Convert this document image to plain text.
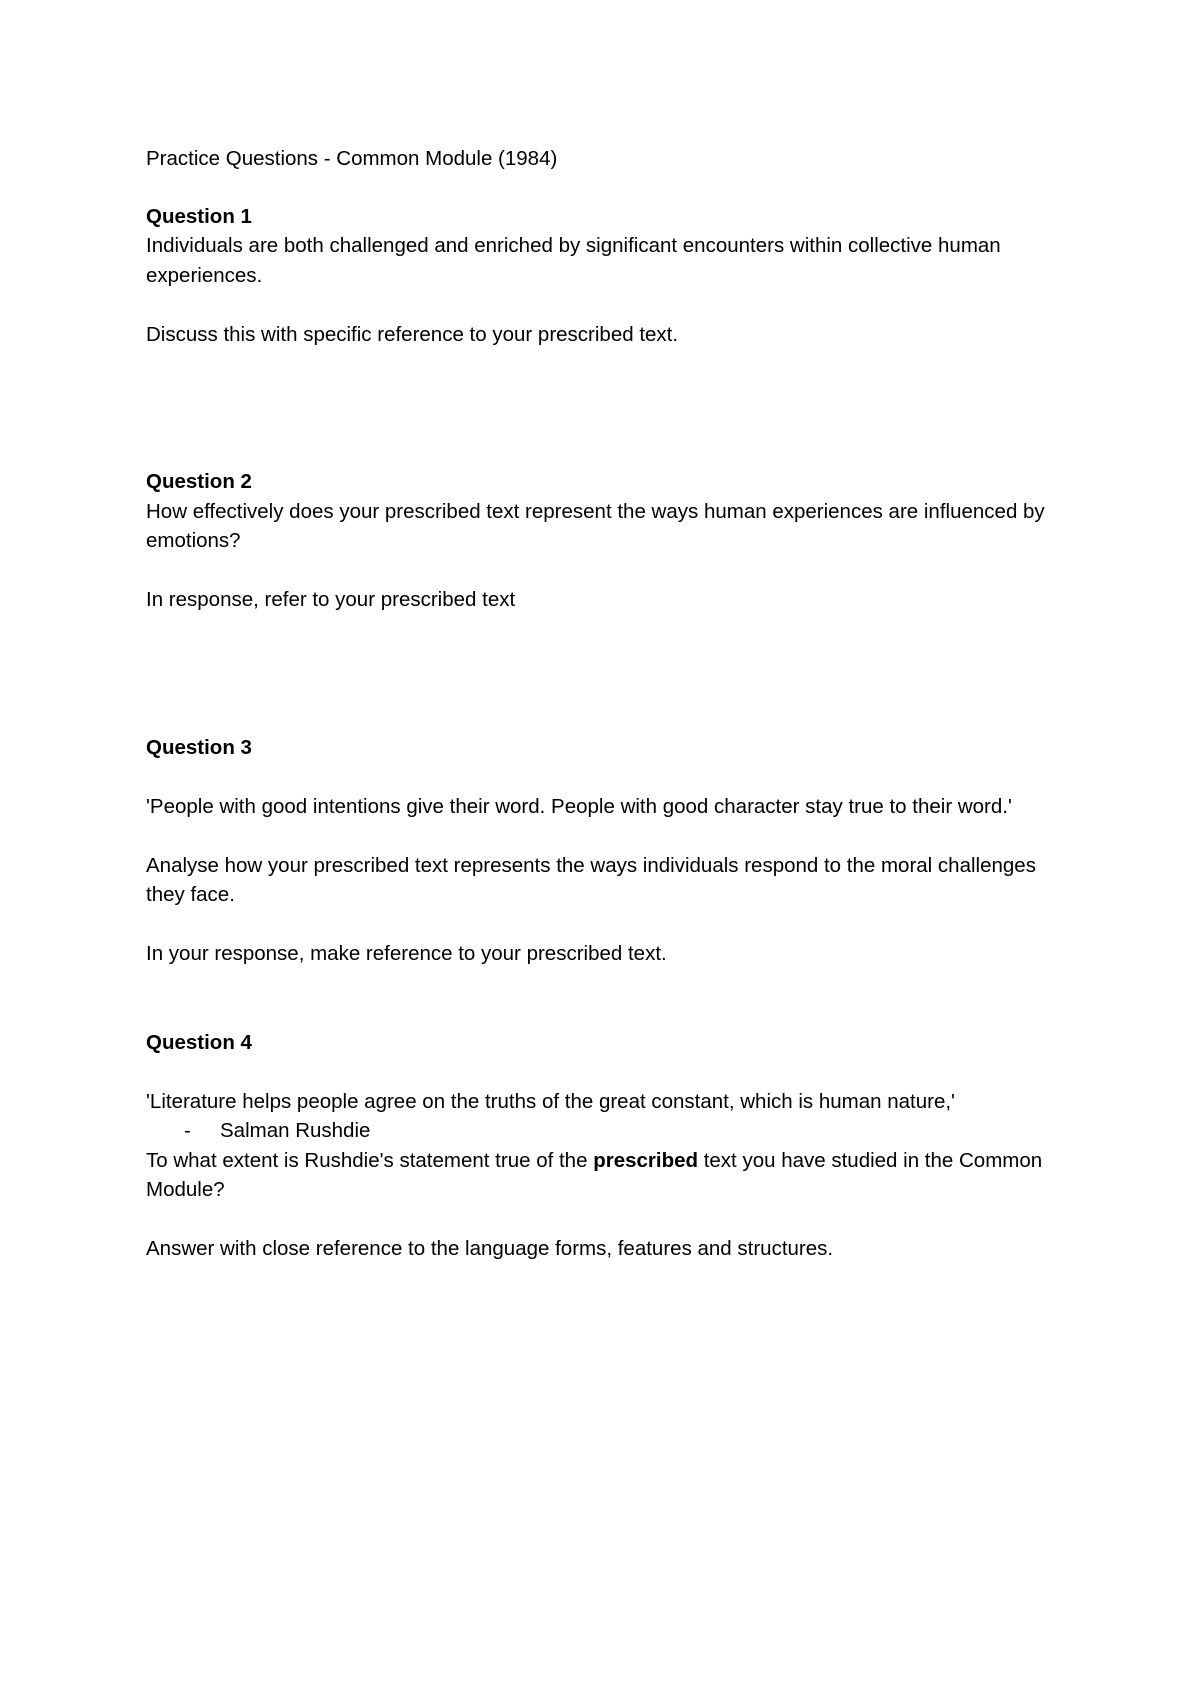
Practice Questions - Common Module (1984)

Question 1

Individuals are both challenged and enriched by significant encounters within collective human experiences.

Discuss this with specific reference to your prescribed text.

Question 2

How effectively does your prescribed text represent the ways human experiences are influenced by emotions?

In response, refer to your prescribed text

Question 3

'People with good intentions give their word. People with good character stay true to their word.'

Analyse how your prescribed text represents the ways individuals respond to the moral challenges they face.

In your response, make reference to your prescribed text.

Question 4

'Literature helps people agree on the truths of the great constant, which is human nature,'

- Salman Rushdie

To what extent is Rushdie's statement true of the prescribed text you have studied in the Common Module?

Answer with close reference to the language forms, features and structures.
